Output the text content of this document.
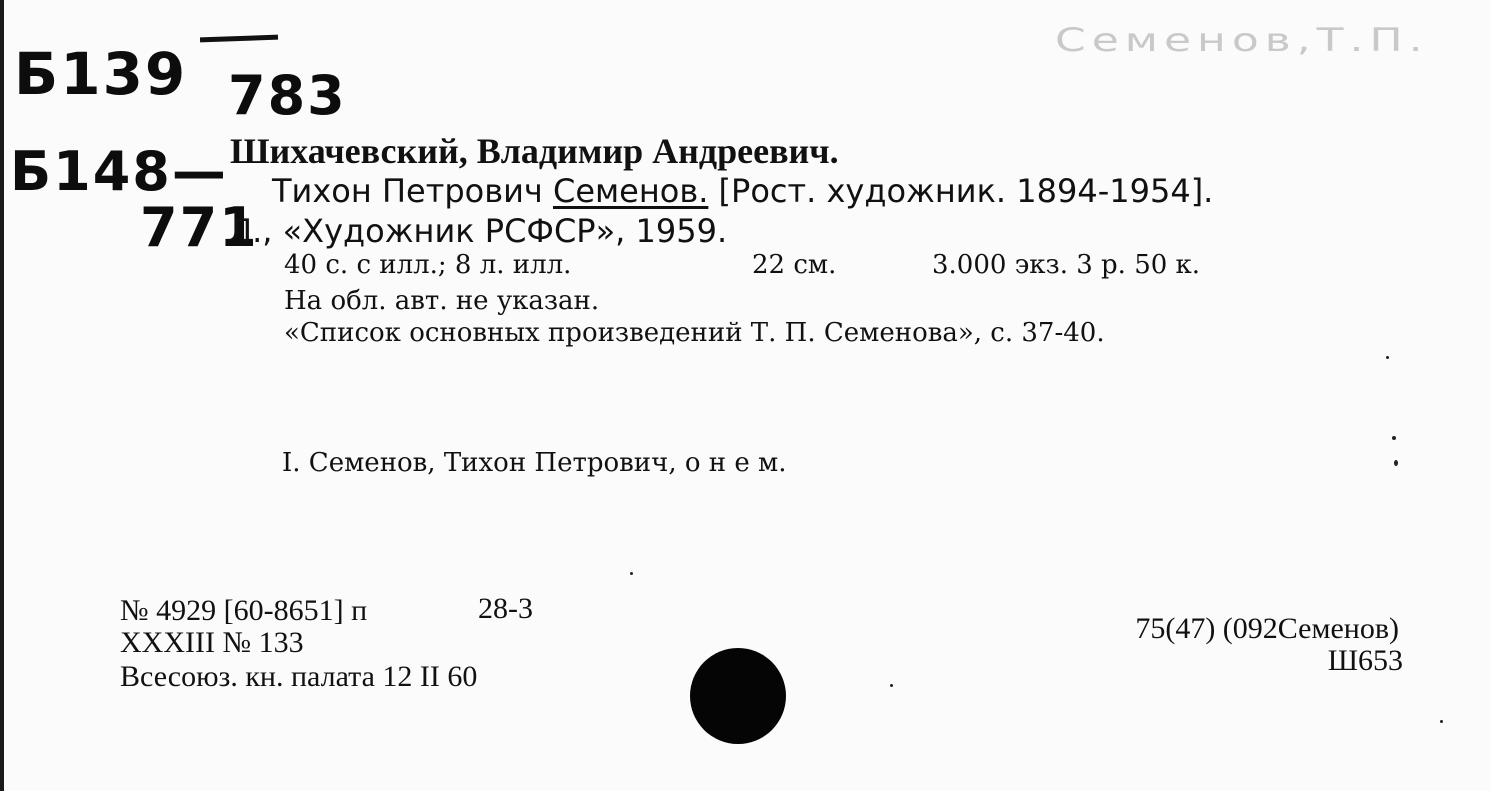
Б139 783
Б148—
771
Семенов,Т.П.
Шихачевский, Владимир Андреевич.
Тихон Петрович Семенов. [Рост. художник. 1894-1954].
Л., «Художник РСФСР», 1959.
40 с. с илл.; 8 л. илл.	22 см.	3.000 экз. 3 р. 50 к.
На обл. авт. не указан.
«Список основных произведений Т. П. Семенова», с. 37-40.
I. Семенов, Тихон Петрович, о н е м.
№ 4929 [60-8651] п	28-3
XXXIII № 133
Всесоюз. кн. палата 12 II 60
75(47) (092Семенов)
Ш653
